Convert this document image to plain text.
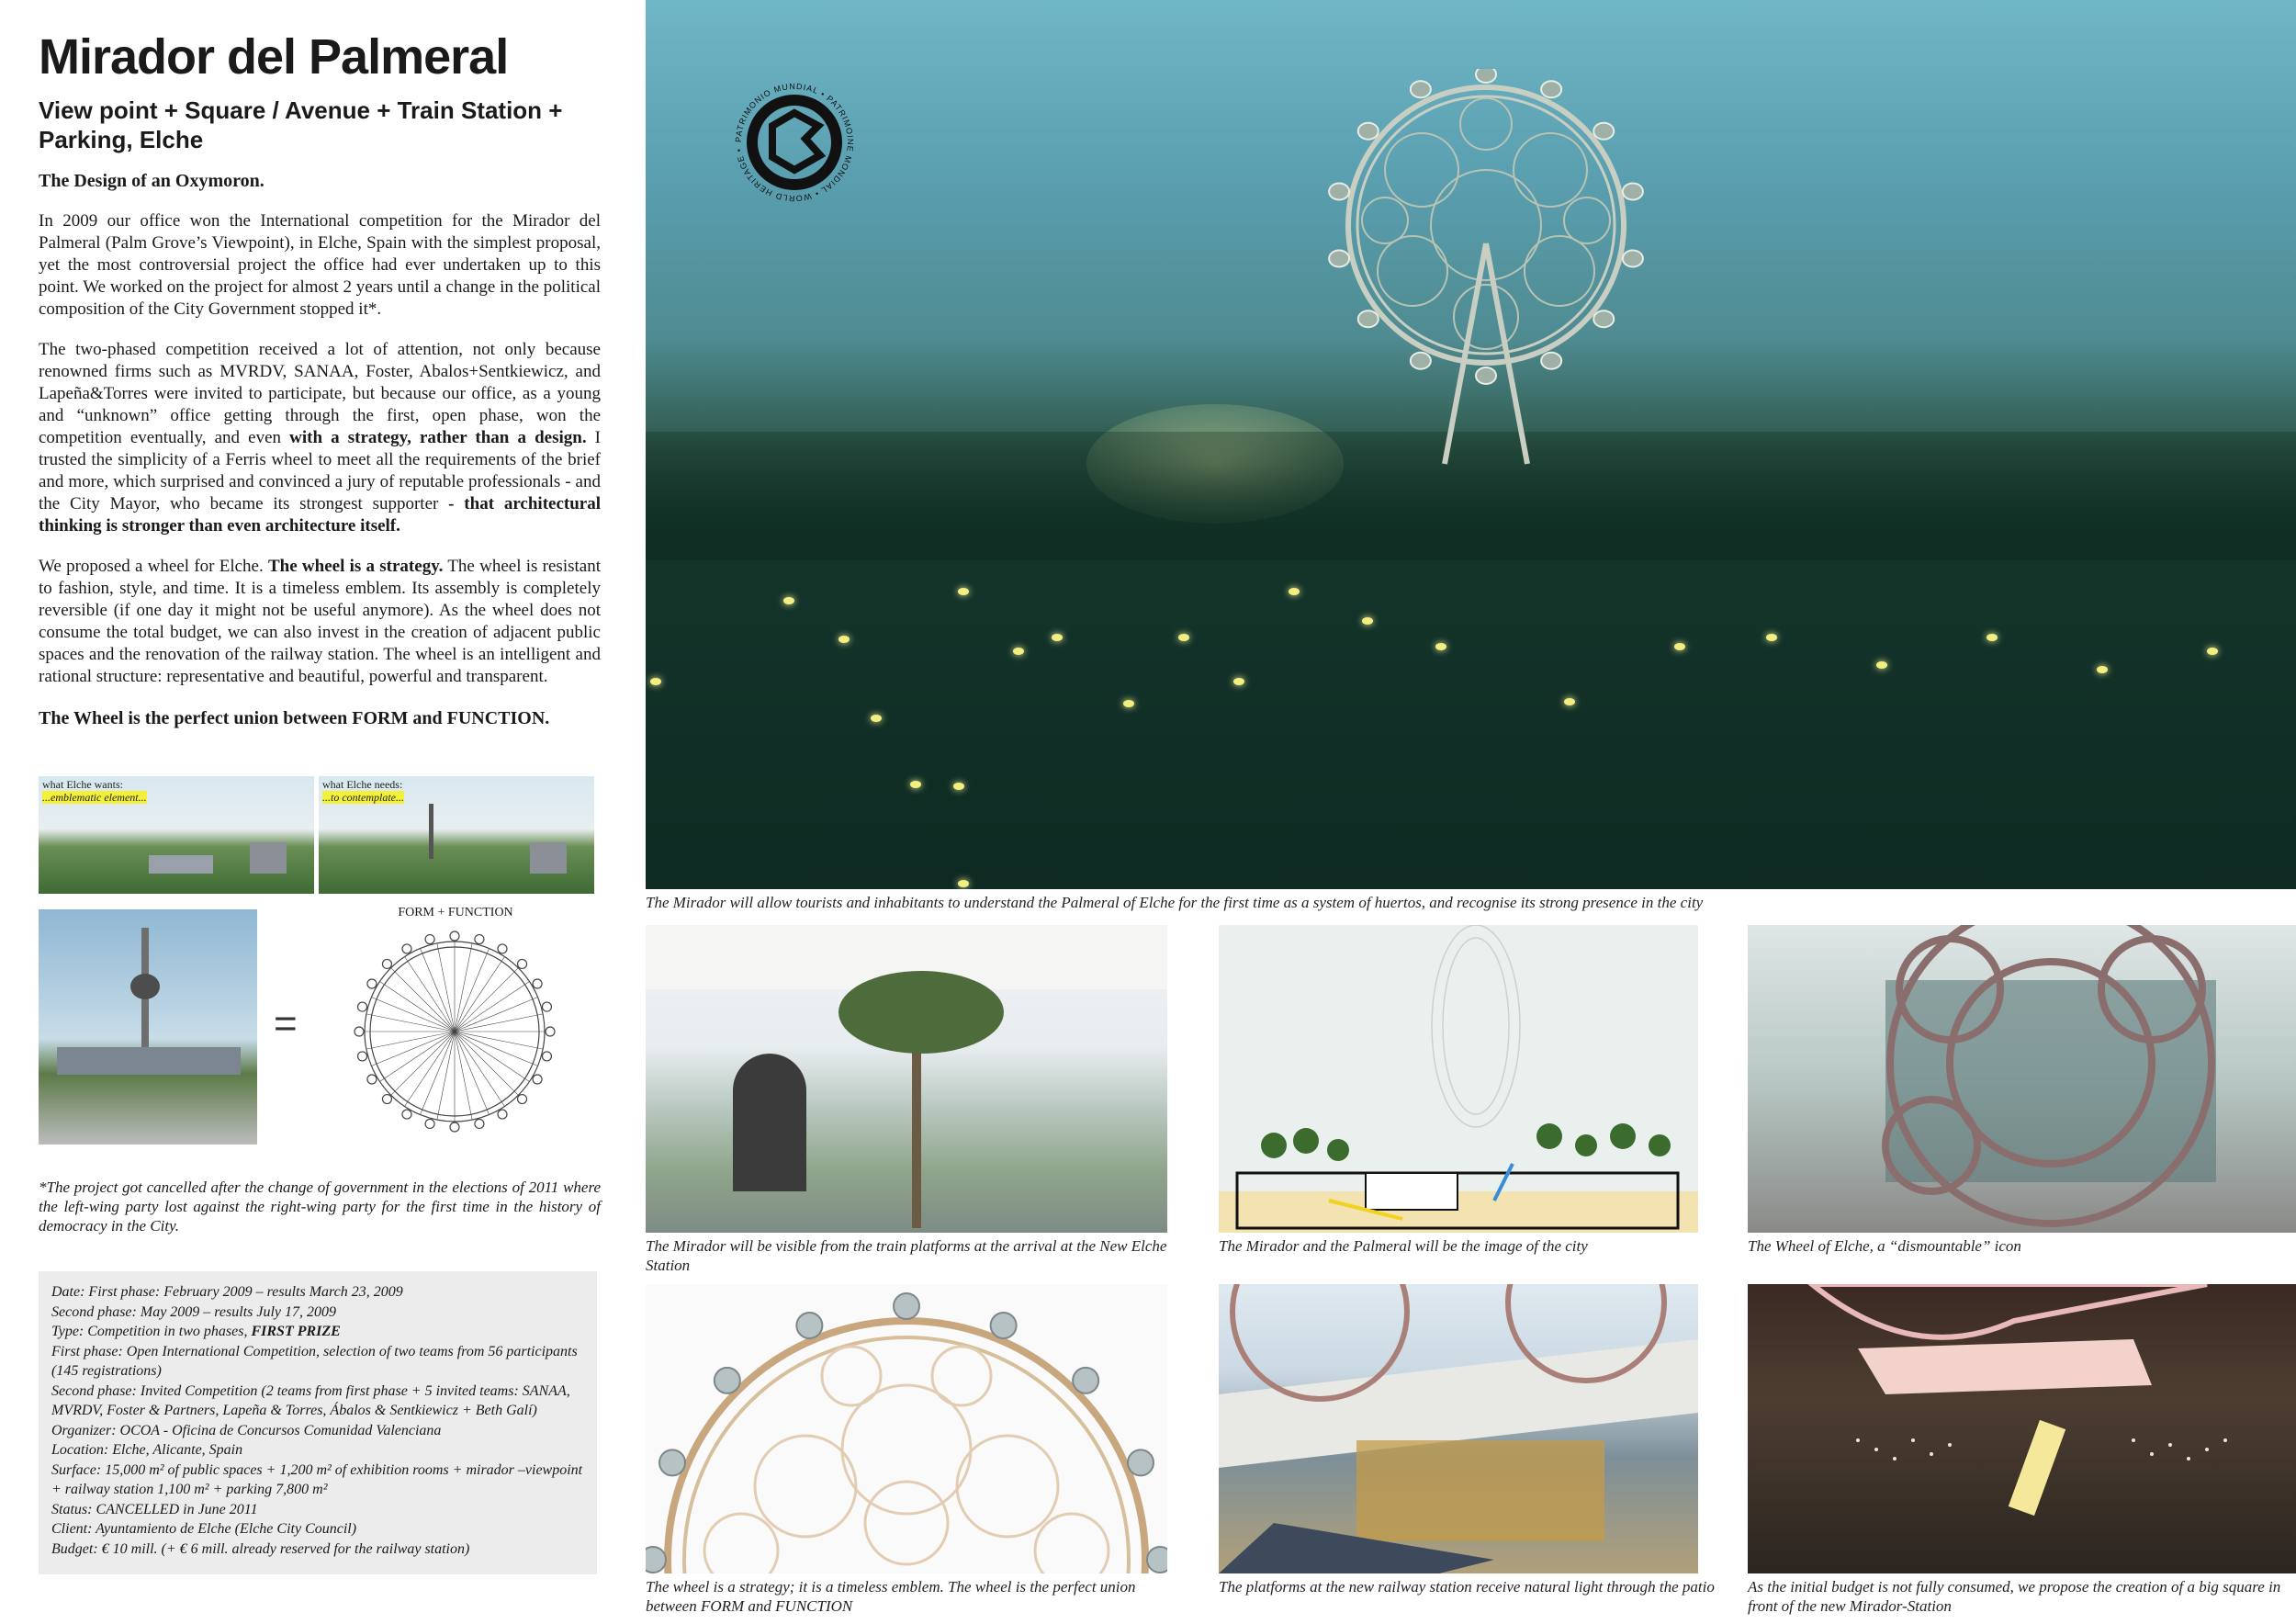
Mirador del Palmeral
View point + Square / Avenue + Train Station + Parking, Elche
The Design of an Oxymoron.

In 2009 our office won the International competition for the Mirador del Palmeral (Palm Grove’s Viewpoint), in Elche, Spain with the simplest proposal, yet the most controversial project the office had ever undertaken up to this point. We worked on the project for almost 2 years until a change in the political composition of the City Government stopped it*.

The two-phased competition received a lot of attention, not only because renowned firms such as MVRDV, SANAA, Foster, Abalos+Sentkiewicz, and Lapeña&Torres were invited to participate, but because our office, as a young and “unknown” office getting through the first, open phase, won the competition eventually, and even with a strategy, rather than a design. I trusted the simplicity of a Ferris wheel to meet all the requirements of the brief and more, which surprised and convinced a jury of reputable professionals - and the City Mayor, who became its strongest supporter - that architectural thinking is stronger than even architecture itself.

We proposed a wheel for Elche. The wheel is a strategy. The wheel is resistant to fashion, style, and time. It is a timeless emblem. Its assembly is completely reversible (if one day it might not be useful anymore). As the wheel does not consume the total budget, we can also invest in the creation of adjacent public spaces and the renovation of the railway station. The wheel is an intelligent and rational structure: representative and beautiful, powerful and transparent.

The Wheel is the perfect union between FORM and FUNCTION.
what Elche wants:
...emblematic element...
what Elche needs:
...to contemplate...
=
FORM + FUNCTION
*The project got cancelled after the change of government in the elections of 2011 where the left-wing party lost against the right-wing party for the first time in the history of democracy in the City.
Date: First phase: February 2009 – results March 23, 2009
Second phase: May 2009 – results July 17, 2009
Type: Competition in two phases, FIRST PRIZE
First phase: Open International Competition, selection of two teams from 56 participants (145 registrations)
Second phase: Invited Competition (2 teams from first phase + 5 invited teams: SANAA, MVRDV, Foster & Partners, Lapeña & Torres, Ábalos & Sentkiewicz + Beth Galí)
Organizer: OCOA - Oficina de Concursos Comunidad Valenciana
Location: Elche, Alicante, Spain
Surface: 15,000 m² of public spaces + 1,200 m² of exhibition rooms + mirador –viewpoint + railway station 1,100 m² + parking 7,800 m²
Status: CANCELLED in June 2011
Client: Ayuntamiento de Elche (Elche City Council)
Budget: € 10 mill. (+ € 6 mill. already reserved for the railway station)
PATRIMONIO MUNDIAL • PATRIMOINE MONDIAL • WORLD HERITAGE •
The Mirador will allow tourists and inhabitants to understand the Palmeral of Elche for the first time as a system of huertos, and recognise its strong presence in the city
The Mirador will be visible from the train platforms at the arrival at the New Elche Station
The Mirador and the Palmeral will be the image of the city	The Wheel of Elche, a “dismountable” icon
The wheel is a strategy; it is a timeless emblem. The wheel is the perfect union between FORM and FUNCTION
The platforms at the new railway station receive natural light through the patio As the initial budget is not fully consumed, we propose the creation of a big square in front of the new Mirador-Station
